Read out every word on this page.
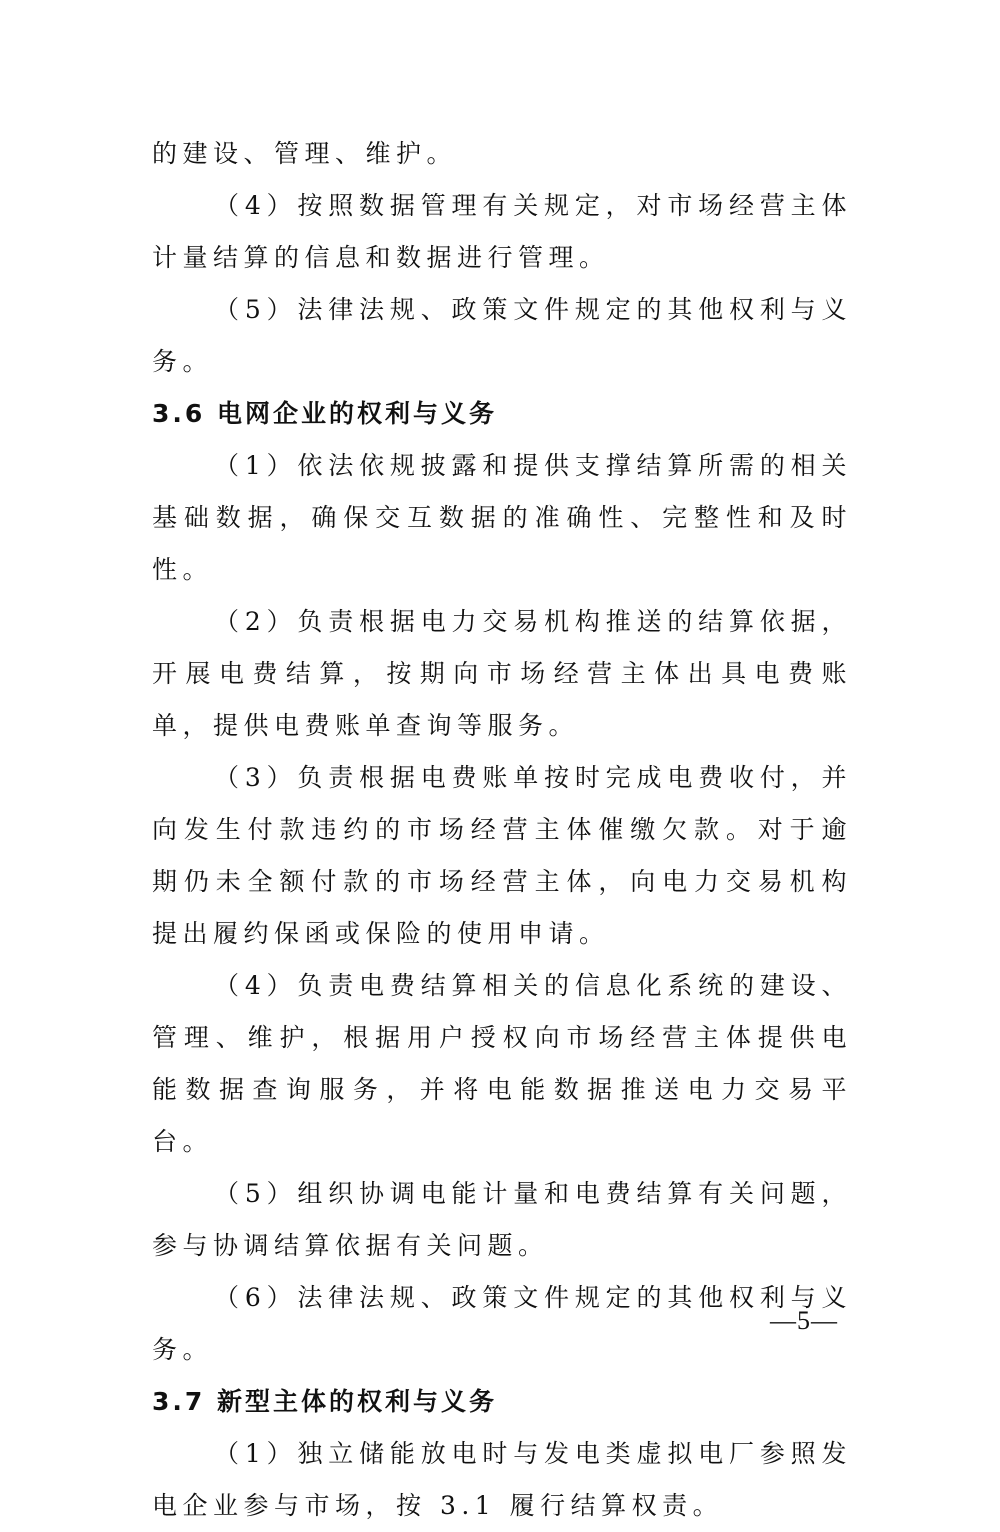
的建设、管理、维护。

（4）按照数据管理有关规定，对市场经营主体计量结算的信息和数据进行管理。

（5）法律法规、政策文件规定的其他权利与义务。

3.6 电网企业的权利与义务

（1）依法依规披露和提供支撑结算所需的相关基础数据，确保交互数据的准确性、完整性和及时性。

（2）负责根据电力交易机构推送的结算依据，开展电费结算，按期向市场经营主体出具电费账单，提供电费账单查询等服务。

（3）负责根据电费账单按时完成电费收付，并向发生付款违约的市场经营主体催缴欠款。对于逾期仍未全额付款的市场经营主体，向电力交易机构提出履约保函或保险的使用申请。

（4）负责电费结算相关的信息化系统的建设、管理、维护，根据用户授权向市场经营主体提供电能数据查询服务，并将电能数据推送电力交易平台。

（5）组织协调电能计量和电费结算有关问题，参与协调结算依据有关问题。

（6）法律法规、政策文件规定的其他权利与义务。

3.7 新型主体的权利与义务

（1）独立储能放电时与发电类虚拟电厂参照发电企业参与市场，按 3.1 履行结算权责。

—5—
